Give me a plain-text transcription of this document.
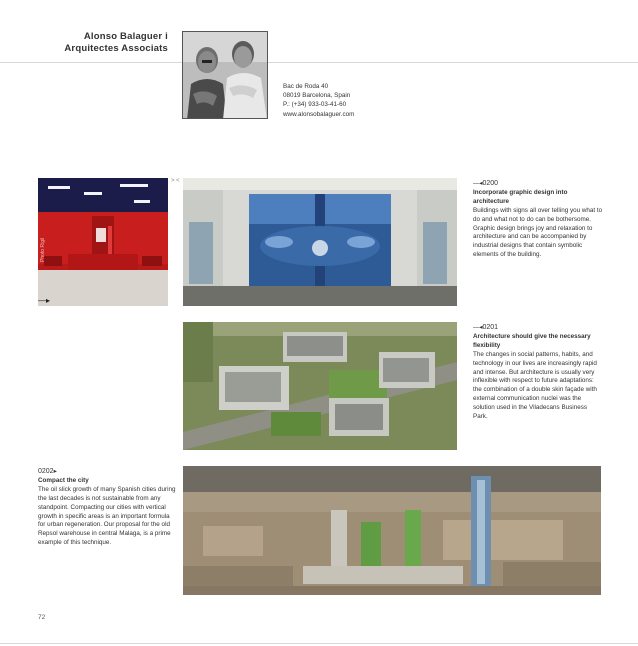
Alonso Balaguer i
Arquitectes Associats
Bac de Roda 40
08019 Barcelona, Spain
P.: (+34) 933-03-41-60
www.alonsobalaguer.com
Photo Rigil
—▸
> <	—◂0200
Incorporate graphic design into architecture
Buildings with signs all over telling you what to do and what not to do can be bothersome. Graphic design brings joy and relaxation to architecture and can be accompanied by industrial designs that contain symbolic elements of the building.
—◂0201
Architecture should give the necessary flexibility
The changes in social patterns, habits, and technology in our lives are increasingly rapid and intense. But architecture is usually very inflexible with respect to future adaptations: the combination of a double skin façade with external communication nuclei was the solution used in the Viladecans Business Park.
0202▸
Compact the city
The oil slick growth of many Spanish cities during the last decades is not sustainable from any standpoint. Compacting our cities with vertical growth in specific areas is an important formula for urban regeneration. Our proposal for the old Repsol warehouse in central Malaga, is a prime example of this technique.
72
